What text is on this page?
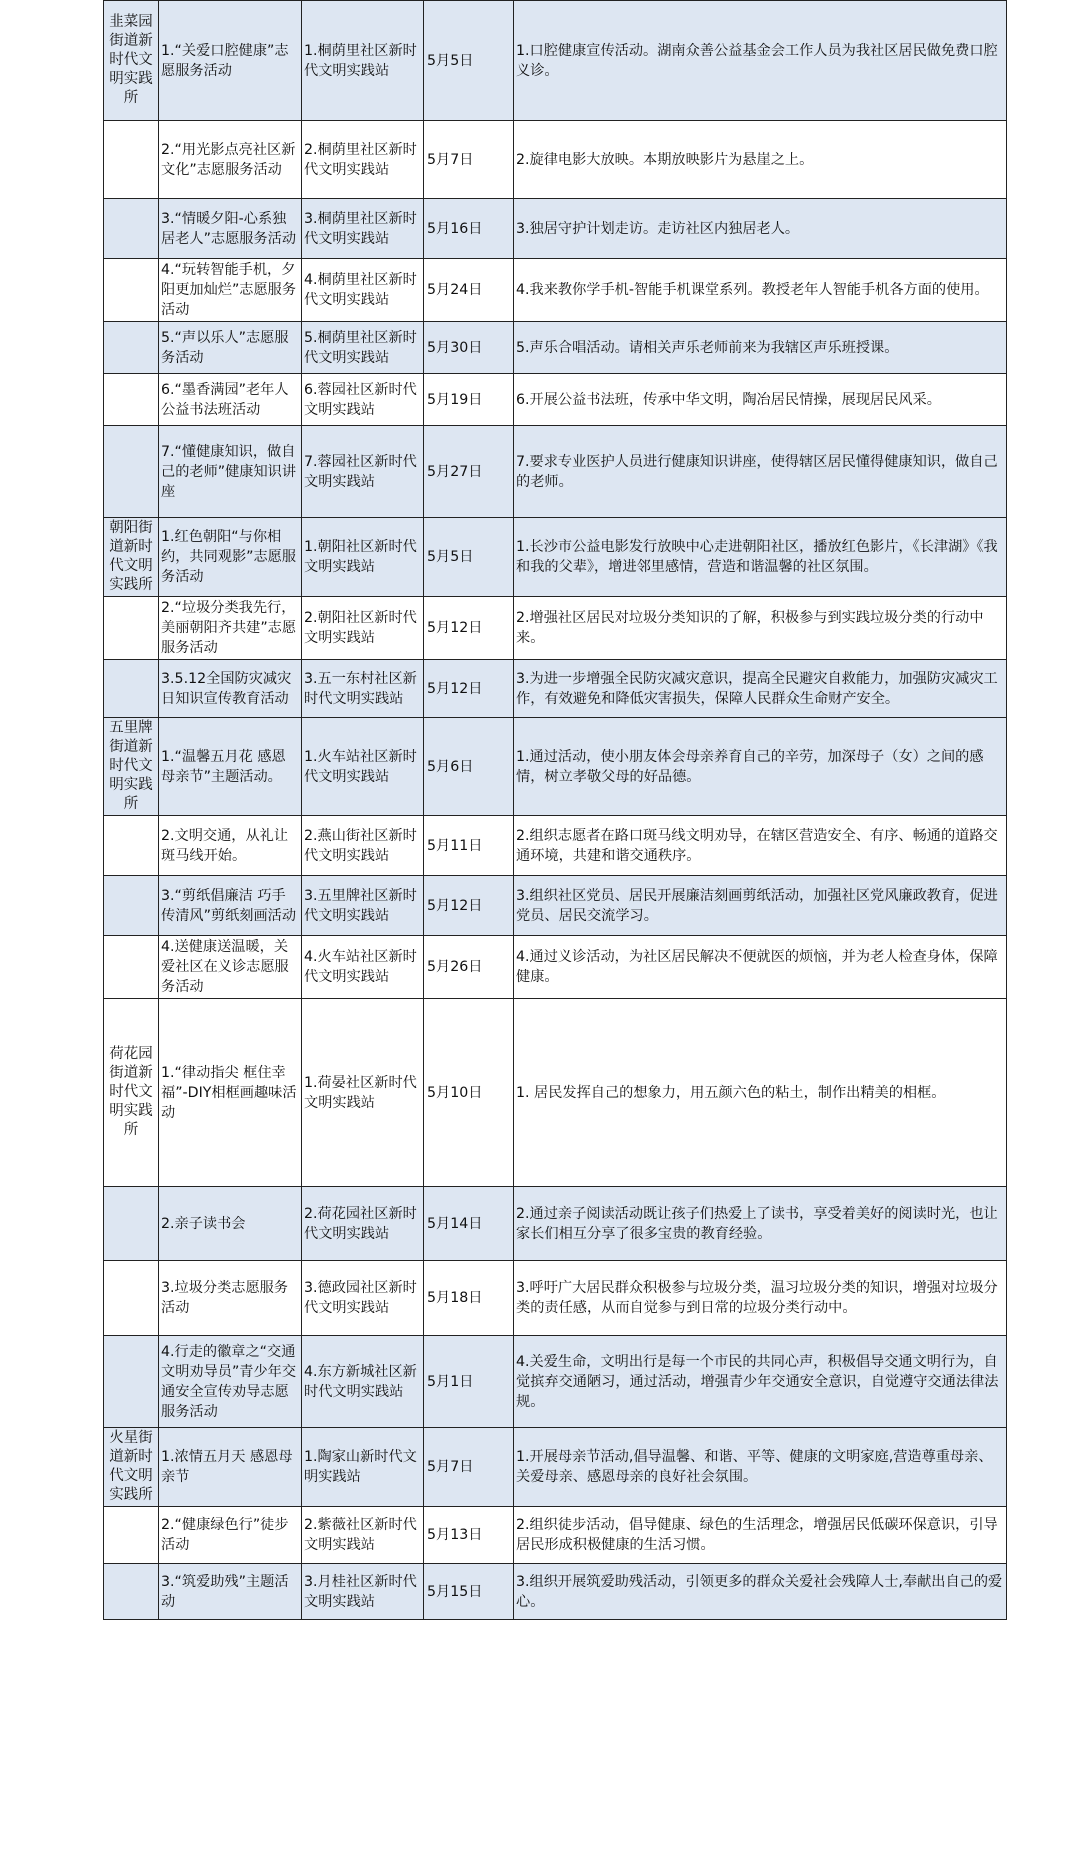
韭菜园街道新时代文明实践所	1.“关爱口腔健康”志愿服务活动	1.桐荫里社区新时代文明实践站	5月5日	1.口腔健康宣传活动。湖南众善公益基金会工作人员为我社区居民做免费口腔义诊。
	2.“用光影点亮社区新文化”志愿服务活动	2.桐荫里社区新时代文明实践站	5月7日	2.旋律电影大放映。本期放映影片为悬崖之上。
	3.“情暖夕阳-心系独居老人”志愿服务活动	3.桐荫里社区新时代文明实践站	5月16日	3.独居守护计划走访。走访社区内独居老人。
	4.“玩转智能手机，夕阳更加灿烂”志愿服务活动	4.桐荫里社区新时代文明实践站	5月24日	4.我来教你学手机-智能手机课堂系列。教授老年人智能手机各方面的使用。
	5.“声以乐人”志愿服务活动	5.桐荫里社区新时代文明实践站	5月30日	5.声乐合唱活动。请相关声乐老师前来为我辖区声乐班授课。
	6.“墨香满园”老年人公益书法班活动	6.蓉园社区新时代文明实践站	5月19日	6.开展公益书法班，传承中华文明，陶冶居民情操，展现居民风采。
	7.“懂健康知识，做自己的老师”健康知识讲座	7.蓉园社区新时代文明实践站	5月27日	7.要求专业医护人员进行健康知识讲座，使得辖区居民懂得健康知识，做自己的老师。
朝阳街道新时代文明实践所	1.红色朝阳“与你相约，共同观影”志愿服务活动	1.朝阳社区新时代文明实践站	5月5日	1.长沙市公益电影发行放映中心走进朝阳社区，播放红色影片，《长津湖》《我和我的父辈》，增进邻里感情，营造和谐温馨的社区氛围。
	2.“垃圾分类我先行，美丽朝阳齐共建”志愿服务活动	2.朝阳社区新时代文明实践站	5月12日	2.增强社区居民对垃圾分类知识的了解，积极参与到实践垃圾分类的行动中来。
	3.5.12全国防灾减灾日知识宣传教育活动	3.五一东村社区新时代文明实践站	5月12日	3.为进一步增强全民防灾减灾意识，提高全民避灾自救能力，加强防灾减灾工作，有效避免和降低灾害损失，保障人民群众生命财产安全。
五里牌街道新时代文明实践所	1.“温馨五月花 感恩母亲节”主题活动。	1.火车站社区新时代文明实践站	5月6日	1.通过活动，使小朋友体会母亲养育自己的辛劳，加深母子（女）之间的感情，树立孝敬父母的好品德。
	2.文明交通，从礼让斑马线开始。	2.燕山街社区新时代文明实践站	5月11日	2.组织志愿者在路口斑马线文明劝导，在辖区营造安全、有序、畅通的道路交通环境，共建和谐交通秩序。
	3.“剪纸倡廉洁 巧手传清风”剪纸刻画活动	3.五里牌社区新时代文明实践站	5月12日	3.组织社区党员、居民开展廉洁刻画剪纸活动，加强社区党风廉政教育，促进党员、居民交流学习。
	4.送健康送温暖，关爱社区在义诊志愿服务活动	4.火车站社区新时代文明实践站	5月26日	4.通过义诊活动，为社区居民解决不便就医的烦恼，并为老人检查身体，保障健康。
荷花园街道新时代文明实践所	1.“律动指尖 框住幸福”-DIY相框画趣味活动	1.荷晏社区新时代文明实践站	5月10日	1. 居民发挥自己的想象力，用五颜六色的粘土，制作出精美的相框。
	2.亲子读书会	2.荷花园社区新时代文明实践站	5月14日	2.通过亲子阅读活动既让孩子们热爱上了读书，享受着美好的阅读时光，也让家长们相互分享了很多宝贵的教育经验。
	3.垃圾分类志愿服务活动	3.德政园社区新时代文明实践站	5月18日	3.呼吁广大居民群众积极参与垃圾分类，温习垃圾分类的知识，增强对垃圾分类的责任感，从而自觉参与到日常的垃圾分类行动中。
	4.行走的徽章之“交通文明劝导员”青少年交通安全宣传劝导志愿服务活动	4.东方新城社区新时代文明实践站	5月1日	4.关爱生命，文明出行是每一个市民的共同心声，积极倡导交通文明行为，自觉摈弃交通陋习，通过活动，增强青少年交通安全意识，自觉遵守交通法律法规。
火星街道新时代文明实践所	1.浓情五月天 感恩母亲节	1.陶家山新时代文明实践站	5月7日	1.开展母亲节活动,倡导温馨、和谐、平等、健康的文明家庭,营造尊重母亲、关爱母亲、感恩母亲的良好社会氛围。
	2.“健康绿色行”徒步活动	2.紫薇社区新时代文明实践站	5月13日	2.组织徒步活动，倡导健康、绿色的生活理念，增强居民低碳环保意识，引导居民形成积极健康的生活习惯。
	3.“筑爱助残”主题活动	3.月桂社区新时代文明实践站	5月15日	3.组织开展筑爱助残活动，引领更多的群众关爱社会残障人士,奉献出自己的爱心。
